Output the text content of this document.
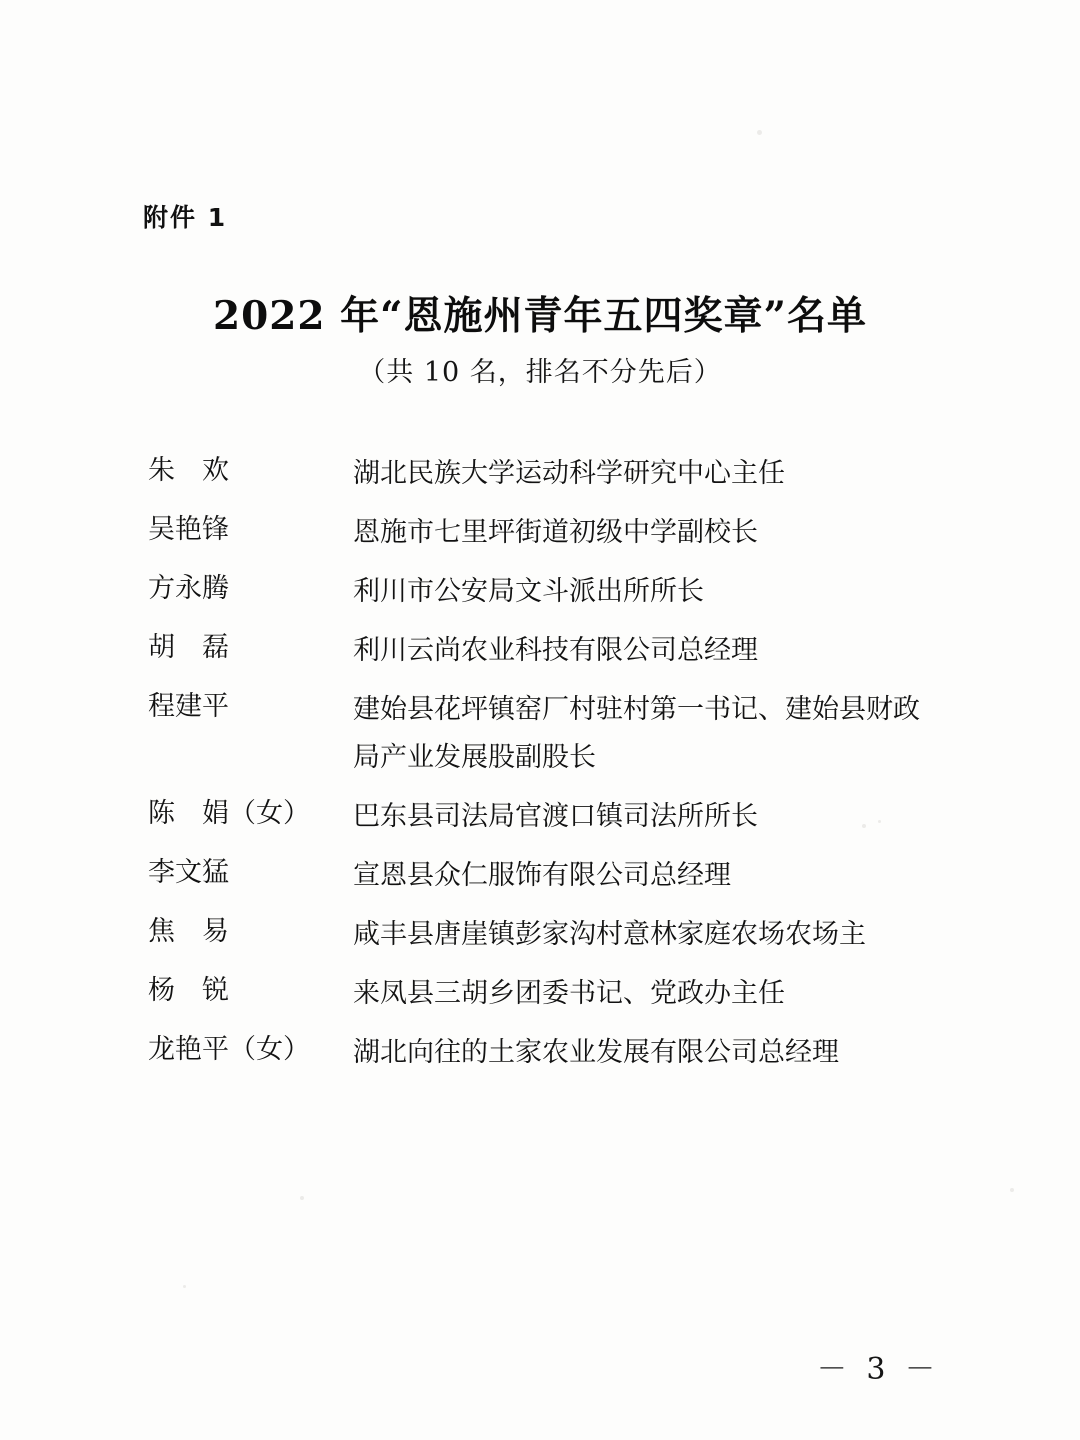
附件 1
2022 年“恩施州青年五四奖章”名单
（共 10 名，排名不分先后）
朱　欢	湖北民族大学运动科学研究中心主任
吴艳锋	恩施市七里坪街道初级中学副校长
方永腾	利川市公安局文斗派出所所长
胡　磊	利川云尚农业科技有限公司总经理
程建平	建始县花坪镇窑厂村驻村第一书记、建始县财政
局产业发展股副股长
陈　娟（女）	巴东县司法局官渡口镇司法所所长
李文猛	宣恩县众仁服饰有限公司总经理
焦　易	咸丰县唐崖镇彭家沟村意林家庭农场农场主
杨　锐	来凤县三胡乡团委书记、党政办主任
龙艳平（女）	湖北向往的土家农业发展有限公司总经理
－ 3 －
